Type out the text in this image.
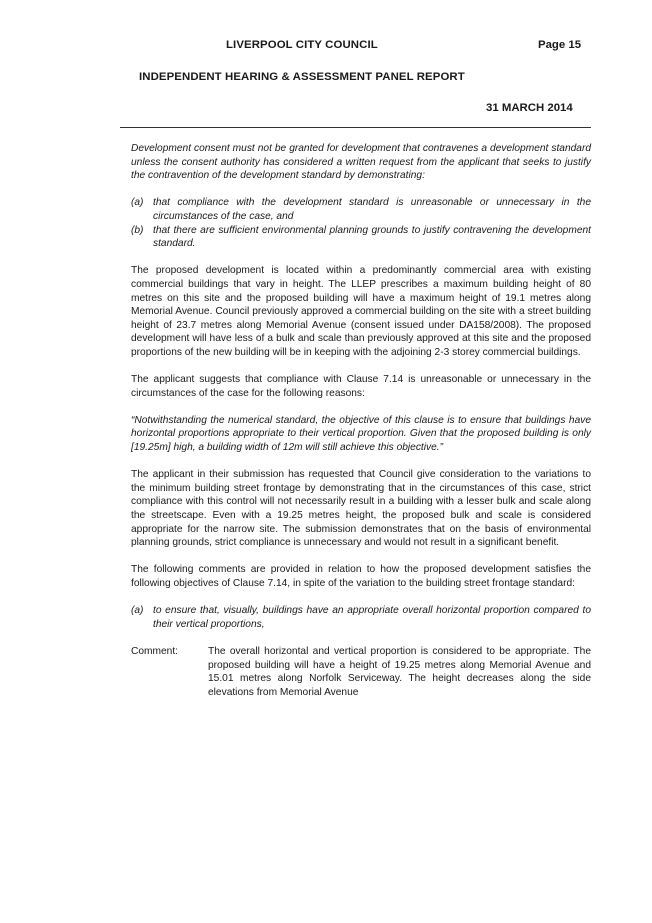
LIVERPOOL CITY COUNCIL	Page 15
INDEPENDENT HEARING & ASSESSMENT PANEL REPORT
31 MARCH 2014

Development consent must not be granted for development that contravenes a development standard unless the consent authority has considered a written request from the applicant that seeks to justify the contravention of the development standard by demonstrating:

(a) that compliance with the development standard is unreasonable or unnecessary in the circumstances of the case, and
(b) that there are sufficient environmental planning grounds to justify contravening the development standard.

The proposed development is located within a predominantly commercial area with existing commercial buildings that vary in height. The LLEP prescribes a maximum building height of 80 metres on this site and the proposed building will have a maximum height of 19.1 metres along Memorial Avenue. Council previously approved a commercial building on the site with a street building height of 23.7 metres along Memorial Avenue (consent issued under DA158/2008). The proposed development will have less of a bulk and scale than previously approved at this site and the proposed proportions of the new building will be in keeping with the adjoining 2-3 storey commercial buildings.

The applicant suggests that compliance with Clause 7.14 is unreasonable or unnecessary in the circumstances of the case for the following reasons:

“Notwithstanding the numerical standard, the objective of this clause is to ensure that buildings have horizontal proportions appropriate to their vertical proportion. Given that the proposed building is only [19.25m] high, a building width of 12m will still achieve this objective.”

The applicant in their submission has requested that Council give consideration to the variations to the minimum building street frontage by demonstrating that in the circumstances of this case, strict compliance with this control will not necessarily result in a building with a lesser bulk and scale along the streetscape. Even with a 19.25 metres height, the proposed bulk and scale is considered appropriate for the narrow site. The submission demonstrates that on the basis of environmental planning grounds, strict compliance is unnecessary and would not result in a significant benefit.

The following comments are provided in relation to how the proposed development satisfies the following objectives of Clause 7.14, in spite of the variation to the building street frontage standard:

(a) to ensure that, visually, buildings have an appropriate overall horizontal proportion compared to their vertical proportions,
Comment:	The overall horizontal and vertical proportion is considered to be appropriate. The proposed building will have a height of 19.25 metres along Memorial Avenue and 15.01 metres along Norfolk Serviceway. The height decreases along the side elevations from Memorial Avenue
